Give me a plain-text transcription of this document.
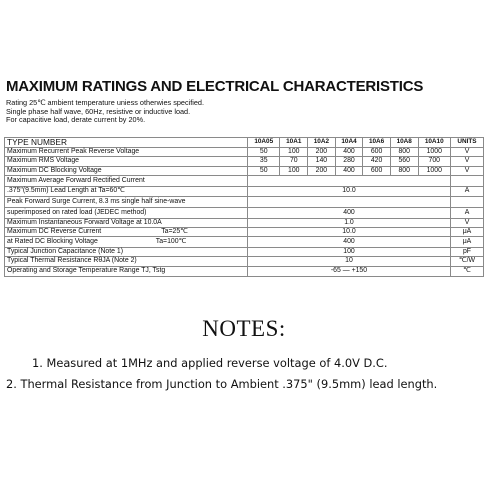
MAXIMUM RATINGS AND ELECTRICAL CHARACTERISTICS
Rating 25℃ ambient temperature uniess otherwies specified.
Single phase half wave, 60Hz, resistive or inductive load.
For capacitive load, derate current by 20%.
TYPE NUMBER	10A05	10A1	10A2	10A4	10A6	10A8	10A10	UNITS
Maximum Recurrent Peak Reverse Voltage	50	100	200	400	600	800	1000	V
Maximum RMS Voltage	35	70	140	280	420	560	700	V
Maximum DC Blocking Voltage	50	100	200	400	600	800	1000	V
Maximum Average Forward Rectified Current								
.375"(9.5mm) Lead Length at Ta=60℃	10.0							A
Peak Forward Surge Current, 8.3 ms single half sine-wave								
superimposed on rated load (JEDEC method)	400							A
Maximum Instantaneous Forward Voltage at 10.0A	1.0							V
Maximum DC Reverse Current Ta=25℃	10.0							μA
at Rated DC Blocking Voltage Ta=100℃	400							μA
Typical Junction Capacitance (Note 1)	100							pF
Typical Thermal Resistance RθJA (Note 2)	10							℃/W
Operating and Storage Temperature Range TJ, Tstg	-65 — +150							℃
NOTES:
1. Measured at 1MHz and applied reverse voltage of 4.0V D.C.
2. Thermal Resistance from Junction to Ambient .375" (9.5mm) lead length.
